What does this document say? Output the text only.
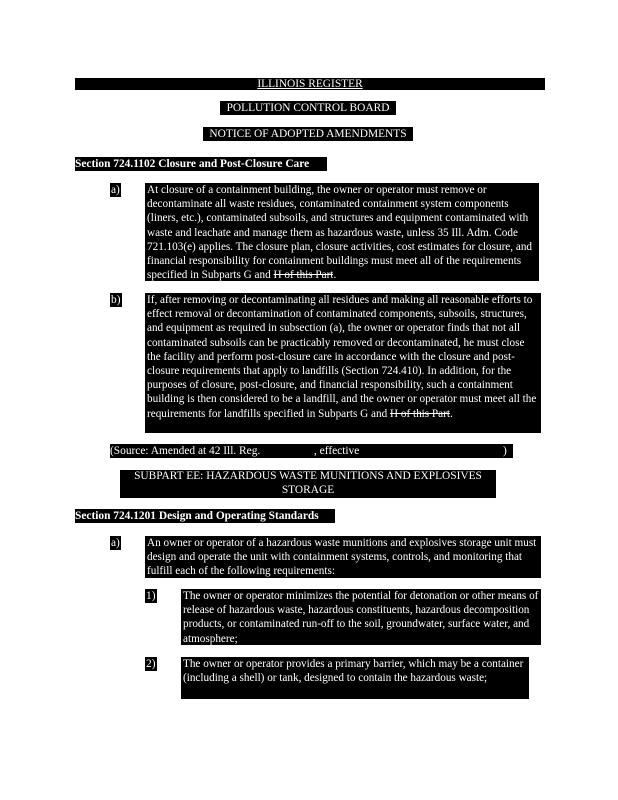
ILLINOIS REGISTER
POLLUTION CONTROL BOARD
NOTICE OF ADOPTED AMENDMENTS
Section 724.1102 Closure and Post-Closure Care
a) At closure of a containment building, the owner or operator must remove or decontaminate all waste residues, contaminated containment system components (liners, etc.), contaminated subsoils, and structures and equipment contaminated with waste and leachate and manage them as hazardous waste, unless 35 Ill. Adm. Code 721.103(e) applies. The closure plan, closure activities, cost estimates for closure, and financial responsibility for containment buildings must meet all of the requirements specified in Subparts G and H of this Part.
b) If, after removing or decontaminating all residues and making all reasonable efforts to effect removal or decontamination of contaminated components, subsoils, structures, and equipment as required in subsection (a), the owner or operator finds that not all contaminated subsoils can be practicably removed or decontaminated, he must close the facility and perform post-closure care in accordance with the closure and post-closure requirements that apply to landfills (Section 724.410). In addition, for the purposes of closure, post-closure, and financial responsibility, such a containment building is then considered to be a landfill, and the owner or operator must meet all the requirements for landfills specified in Subparts G and H of this Part.
(Source: Amended at 42 Ill. Reg.	, effective	)
SUBPART EE: HAZARDOUS WASTE MUNITIONS AND EXPLOSIVES
STORAGE
Section 724.1201 Design and Operating Standards
a) An owner or operator of a hazardous waste munitions and explosives storage unit must design and operate the unit with containment systems, controls, and monitoring that fulfill each of the following requirements:
1) The owner or operator minimizes the potential for detonation or other means of release of hazardous waste, hazardous constituents, hazardous decomposition products, or contaminated run-off to the soil, groundwater, surface water, and atmosphere;
2) The owner or operator provides a primary barrier, which may be a container (including a shell) or tank, designed to contain the hazardous waste;
